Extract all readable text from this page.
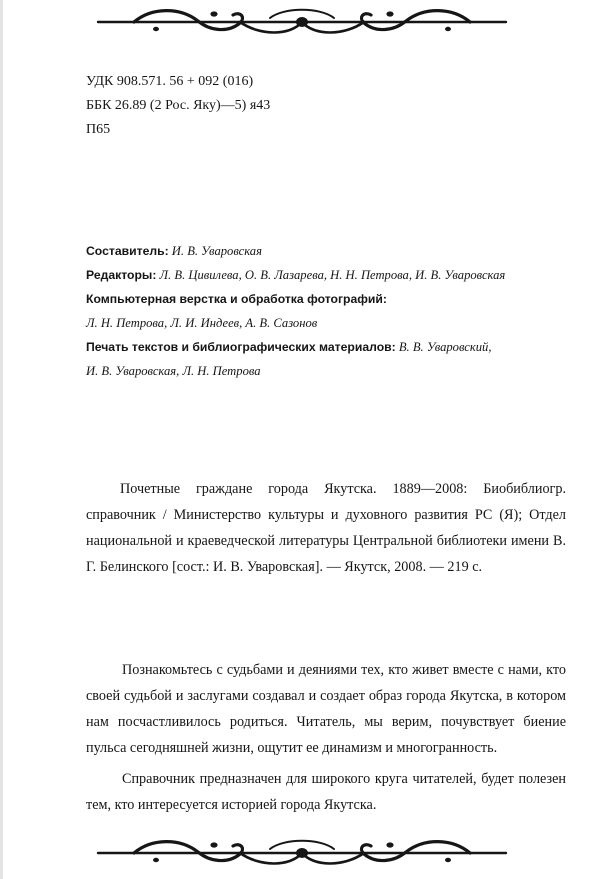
УДК 908.571. 56 + 092 (016)
ББК 26.89 (2 Рос. Яку)—5) я43
П65
Составитель: И. В. Уваровская
Редакторы: Л. В. Цивилева, О. В. Лазарева, Н. Н. Петрова, И. В. Уваровская
Компьютерная верстка и обработка фотографий:
Л. Н. Петрова, Л. И. Индеев, А. В. Сазонов
Печать текстов и библиографических материалов: В. В. Уваровский,
И. В. Уваровская, Л. Н. Петрова

Почетные граждане города Якутска. 1889—2008: Биобиблиогр. справочник / Министерство культуры и духовного развития РС (Я); Отдел национальной и краеведческой литературы Центральной библиотеки имени В. Г. Белинского [сост.: И. В. Уваровская]. — Якутск, 2008. — 219 с.

Познакомьтесь с судьбами и деяниями тех, кто живет вместе с нами, кто своей судьбой и заслугами создавал и создает образ города Якутска, в котором нам посчастливилось родиться. Читатель, мы верим, почувствует биение пульса сегодняшней жизни, ощутит ее динамизм и многогранность.

Справочник предназначен для широкого круга читателей, будет полезен тем, кто интересуется историей города Якутска.
